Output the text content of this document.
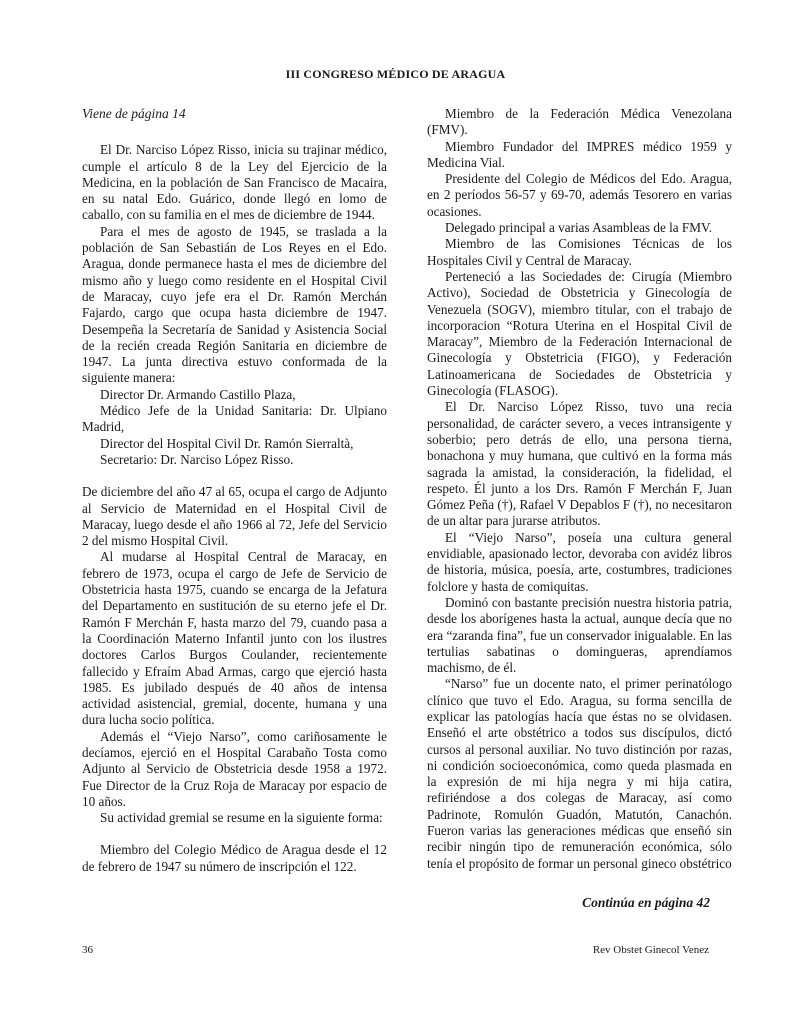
III CONGRESO MÉDICO DE ARAGUA

Viene de página 14

El Dr. Narciso López Risso, inicia su trajinar médico, cumple el artículo 8 de la Ley del Ejercicio de la Medicina, en la población de San Francisco de Macaira, en su natal Edo. Guárico, donde llegó en lomo de caballo, con su familia en el mes de diciembre de 1944.

Para el mes de agosto de 1945, se traslada a la población de San Sebastián de Los Reyes en el Edo. Aragua, donde permanece hasta el mes de diciembre del mismo año y luego como residente en el Hospital Civil de Maracay, cuyo jefe era el Dr. Ramón Merchán Fajardo, cargo que ocupa hasta diciembre de 1947. Desempeña la Secretaría de Sanidad y Asistencia Social de la recién creada Región Sanitaria en diciembre de 1947. La junta directiva estuvo conformada de la siguiente manera:

Director Dr. Armando Castillo Plaza,

Médico Jefe de la Unidad Sanitaria: Dr. Ulpiano Madrid,

Director del Hospital Civil Dr. Ramón Sierraltà,

Secretario: Dr. Narciso López Risso.

De diciembre del año 47 al 65, ocupa el cargo de Adjunto al Servicio de Maternidad en el Hospital Civil de Maracay, luego desde el año 1966 al 72, Jefe del Servicio 2 del mismo Hospital Civil.

Al mudarse al Hospital Central de Maracay, en febrero de 1973, ocupa el cargo de Jefe de Servicio de Obstetricia hasta 1975, cuando se encarga de la Jefatura del Departamento en sustitución de su eterno jefe el Dr. Ramón F Merchán F, hasta marzo del 79, cuando pasa a la Coordinación Materno Infantil junto con los ilustres doctores Carlos Burgos Coulander, recientemente fallecido y Efraím Abad Armas, cargo que ejerció hasta 1985. Es jubilado después de 40 años de intensa actividad asistencial, gremial, docente, humana y una dura lucha socio política.

Además el “Viejo Narso”, como cariñosamente le decíamos, ejerció en el Hospital Carabaño Tosta como Adjunto al Servicio de Obstetricia desde 1958 a 1972. Fue Director de la Cruz Roja de Maracay por espacio de 10 años.

Su actividad gremial se resume en la siguiente forma:

Miembro del Colegio Médico de Aragua desde el 12 de febrero de 1947 su número de inscripción el 122.

Miembro de la Federación Médica Venezolana (FMV).

Miembro Fundador del IMPRES médico 1959 y Medicina Vial.

Presidente del Colegio de Médicos del Edo. Aragua, en 2 períodos 56-57 y 69-70, además Tesorero en varias ocasiones.

Delegado principal a varias Asambleas de la FMV.

Miembro de las Comisiones Técnicas de los Hospitales Civil y Central de Maracay.

Perteneció a las Sociedades de: Cirugía (Miembro Activo), Sociedad de Obstetricia y Ginecología de Venezuela (SOGV), miembro titular, con el trabajo de incorporacion “Rotura Uterina en el Hospital Civil de Maracay”, Miembro de la Federación Internacional de Ginecología y Obstetricia (FIGO), y Federación Latinoamericana de Sociedades de Obstetricia y Ginecología (FLASOG).

El Dr. Narciso López Risso, tuvo una recia personalidad, de carácter severo, a veces intransigente y soberbio; pero detrás de ello, una persona tierna, bonachona y muy humana, que cultivó en la forma más sagrada la amistad, la consideración, la fidelidad, el respeto. Él junto a los Drs. Ramón F Merchán F, Juan Gómez Peña (†), Rafael V Depablos F (†), no necesitaron de un altar para jurarse atributos.

El “Viejo Narso”, poseía una cultura general envidiable, apasionado lector, devoraba con avidéz libros de historia, música, poesía, arte, costumbres, tradiciones folclore y hasta de comiquitas.

Dominó con bastante precisión nuestra historia patria, desde los aborígenes hasta la actual, aunque decía que no era “zaranda fina”, fue un conservador inigualable. En las tertulias sabatinas o domingueras, aprendíamos machismo, de él.

“Narso” fue un docente nato, el primer perinatólogo clínico que tuvo el Edo. Aragua, su forma sencilla de explicar las patologías hacía que éstas no se olvidasen. Enseñó el arte obstétrico a todos sus discípulos, dictó cursos al personal auxiliar. No tuvo distinción por razas, ni condición socioeconómica, como queda plasmada en la expresión de mi hija negra y mi hija catira, refiriéndose a dos colegas de Maracay, así como Padrinote, Romulón Guadón, Matutón, Canachón. Fueron varias las generaciones médicas que enseñó sin recibir ningún tipo de remuneración económica, sólo tenía el propósito de formar un personal gineco obstétrico

Continúa en página 42
36	Rev Obstet Ginecol Venez
